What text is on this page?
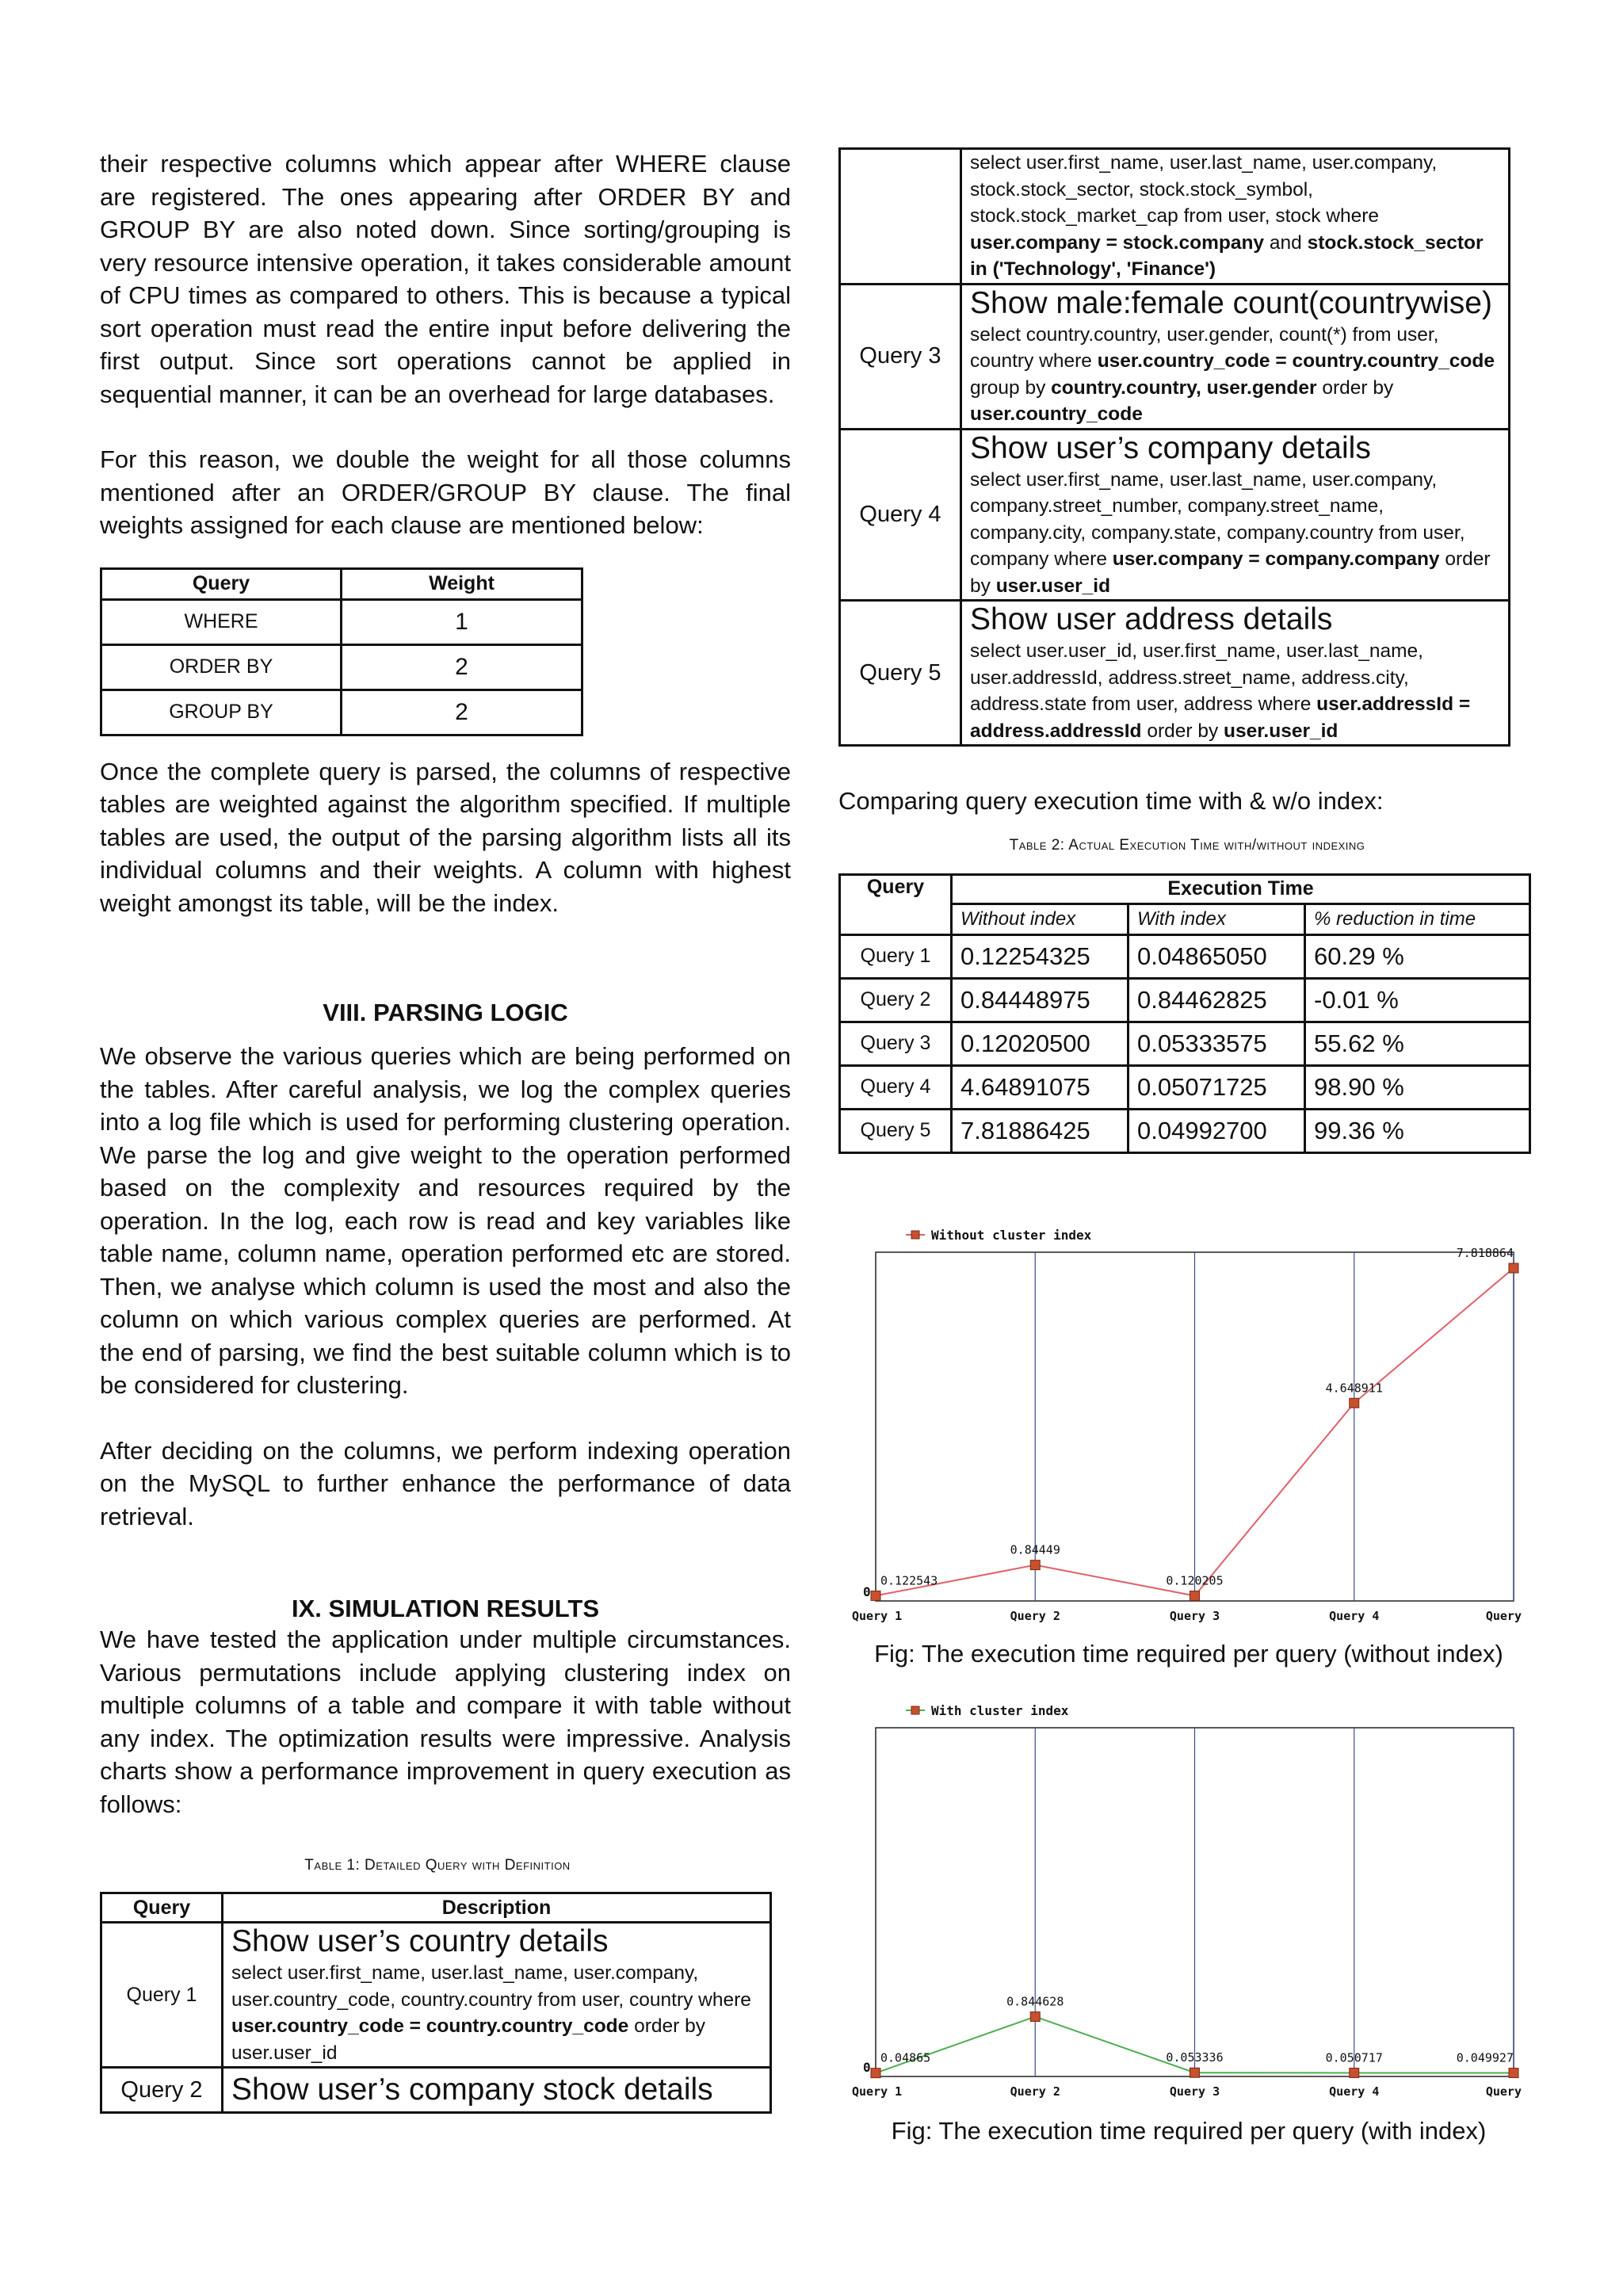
their respective columns which appear after WHERE clause are registered. The ones appearing after ORDER BY and GROUP BY are also noted down. Since sorting/grouping is very resource intensive operation, it takes considerable amount of CPU times as compared to others. This is because a typical sort operation must read the entire input before delivering the first output. Since sort operations cannot be applied in sequential manner, it can be an overhead for large databases.

For this reason, we double the weight for all those columns mentioned after an ORDER/GROUP BY clause. The final weights assigned for each clause are mentioned below:

Query	Weight
WHERE	1
ORDER BY	2
GROUP BY	2

Once the complete query is parsed, the columns of respective tables are weighted against the algorithm specified. If multiple tables are used, the output of the parsing algorithm lists all its individual columns and their weights. A column with highest weight amongst its table, will be the index.

VIII. PARSING LOGIC

We observe the various queries which are being performed on the tables. After careful analysis, we log the complex queries into a log file which is used for performing clustering operation. We parse the log and give weight to the operation performed based on the complexity and resources required by the operation. In the log, each row is read and key variables like table name, column name, operation performed etc are stored. Then, we analyse which column is used the most and also the column on which various complex queries are performed. At the end of parsing, we find the best suitable column which is to be considered for clustering.

After deciding on the columns, we perform indexing operation on the MySQL to further enhance the performance of data retrieval.

IX. SIMULATION RESULTS

We have tested the application under multiple circumstances. Various permutations include applying clustering index on multiple columns of a table and compare it with table without any index. The optimization results were impressive. Analysis charts show a performance improvement in query execution as follows:

Table 1: Detailed Query with Definition

Query	Description
Query 1	Show user’s country details
select user.first_name, user.last_name, user.company, user.country_code, country.country from user, country where user.country_code = country.country_code order by user.user_id

Query 2	Show user’s company stock details
	select user.first_name, user.last_name, user.company, stock.stock_sector, stock.stock_symbol, stock.stock_market_cap from user, stock where user.company = stock.company and stock.stock_sector in ('Technology', 'Finance')
Query 3	Show male:female count(countrywise)
select country.country, user.gender, count(*) from user, country where user.country_code = country.country_code group by country.country, user.gender order by user.country_code

Query 4	Show user’s company details
select user.first_name, user.last_name, user.company, company.street_number, company.street_name, company.city, company.state, company.country from user, company where user.company = company.company order by user.user_id

Query 5	Show user address details
select user.user_id, user.first_name, user.last_name, user.addressId, address.street_name, address.city, address.state from user, address where user.addressId = address.addressId order by user.user_id

Comparing query execution time with & w/o index:

Table 2: Actual Execution Time with/without indexing

Query	Execution Time		
	Without index	With index	% reduction in time
Query 1	0.12254325	0.04865050	60.29 %
Query 2	0.84448975	0.84462825	-0.01 %
Query 3	0.12020500	0.05333575	55.62 %
Query 4	4.64891075	0.05071725	98.90 %
Query 5	7.81886425	0.04992700	99.36 %
Without cluster index
0
Query 1	Query 2	Query 3	Query 4	Query
0.122543
0.84449
0.120205
4.648911
7.818864

Fig: The execution time required per query (without index)

With cluster index
0
Query 1	Query 2	Query 3	Query 4	Query
0.04865
0.844628
0.053336	0.050717	0.049927

Fig: The execution time required per query (with index)
